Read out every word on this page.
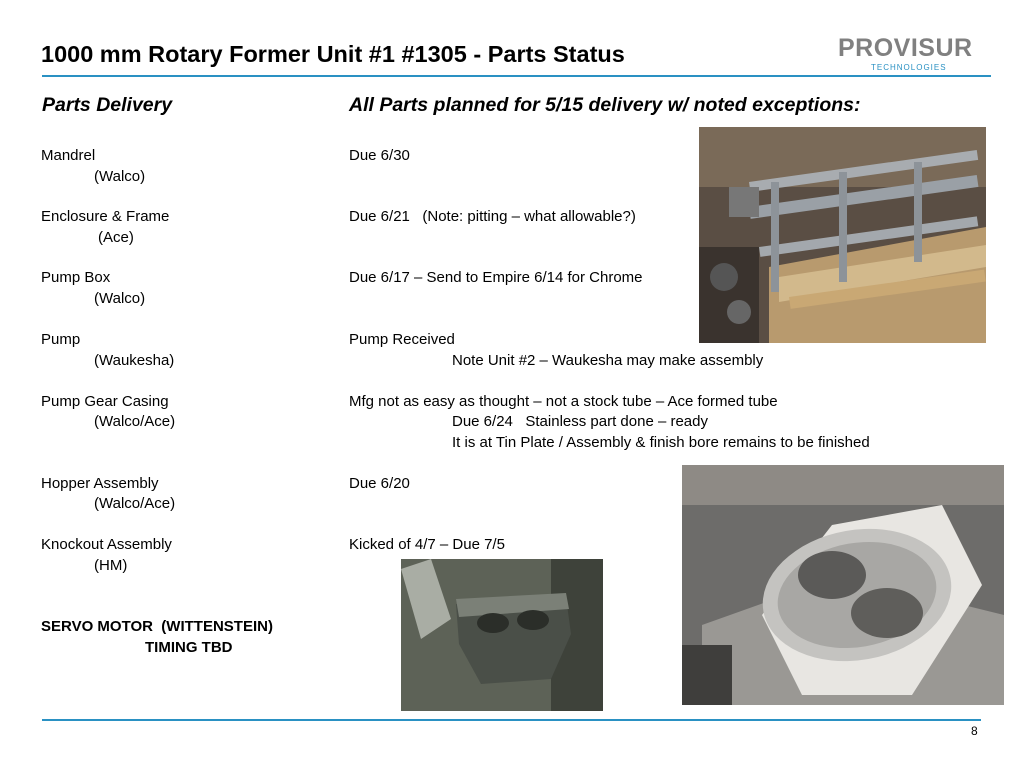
1000 mm Rotary Former Unit #1 #1305 - Parts Status	PROVISUR
TECHNOLOGIES
Parts Delivery	All Parts planned for 5/15 delivery w/ noted exceptions:
Mandrel
(Walco)
Due 6/30
Enclosure & Frame
(Ace)
Due 6/21   (Note: pitting – what allowable?)
Pump Box
(Walco)
Due 6/17 – Send to Empire 6/14 for Chrome
Pump
(Waukesha)
Pump Received
Note Unit #2 – Waukesha may make assembly
Pump Gear Casing
(Walco/Ace)
Mfg not as easy as thought – not a stock tube – Ace formed tube
Due 6/24   Stainless part done – ready
It is at Tin Plate / Assembly & finish bore remains to be finished
Hopper Assembly
(Walco/Ace)
Due 6/20
Knockout Assembly
(HM)
Kicked of 4/7 – Due 7/5
SERVO MOTOR  (WITTENSTEIN)
TIMING TBD
8
